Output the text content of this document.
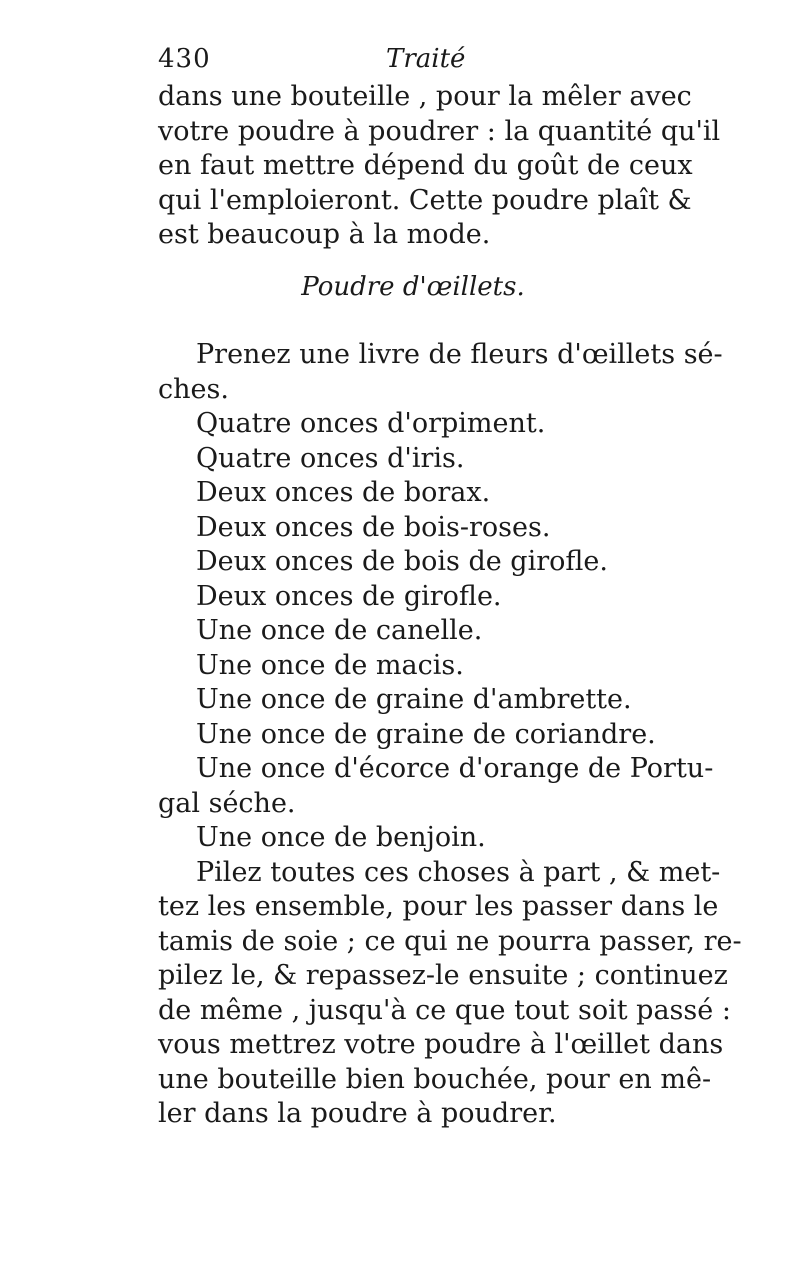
430	Traité
dans une bouteille , pour la mêler avec
votre poudre à poudrer : la quantité qu'il
en faut mettre dépend du goût de ceux
qui l'emploieront. Cette poudre plaît &
est beaucoup à la mode.
Poudre d'œillets.
Prenez une livre de fleurs d'œillets sé-
ches.
Quatre onces d'orpiment.
Quatre onces d'iris.
Deux onces de borax.
Deux onces de bois-roses.
Deux onces de bois de girofle.
Deux onces de girofle.
Une once de canelle.
Une once de macis.
Une once de graine d'ambrette.
Une once de graine de coriandre.
Une once d'écorce d'orange de Portu-
gal séche.
Une once de benjoin.
Pilez toutes ces choses à part , & met-
tez les ensemble, pour les passer dans le
tamis de soie ; ce qui ne pourra passer, re-
pilez le, & repassez-le ensuite ; continuez
de même , jusqu'à ce que tout soit passé :
vous mettrez votre poudre à l'œillet dans
une bouteille bien bouchée, pour en mê-
ler dans la poudre à poudrer.
